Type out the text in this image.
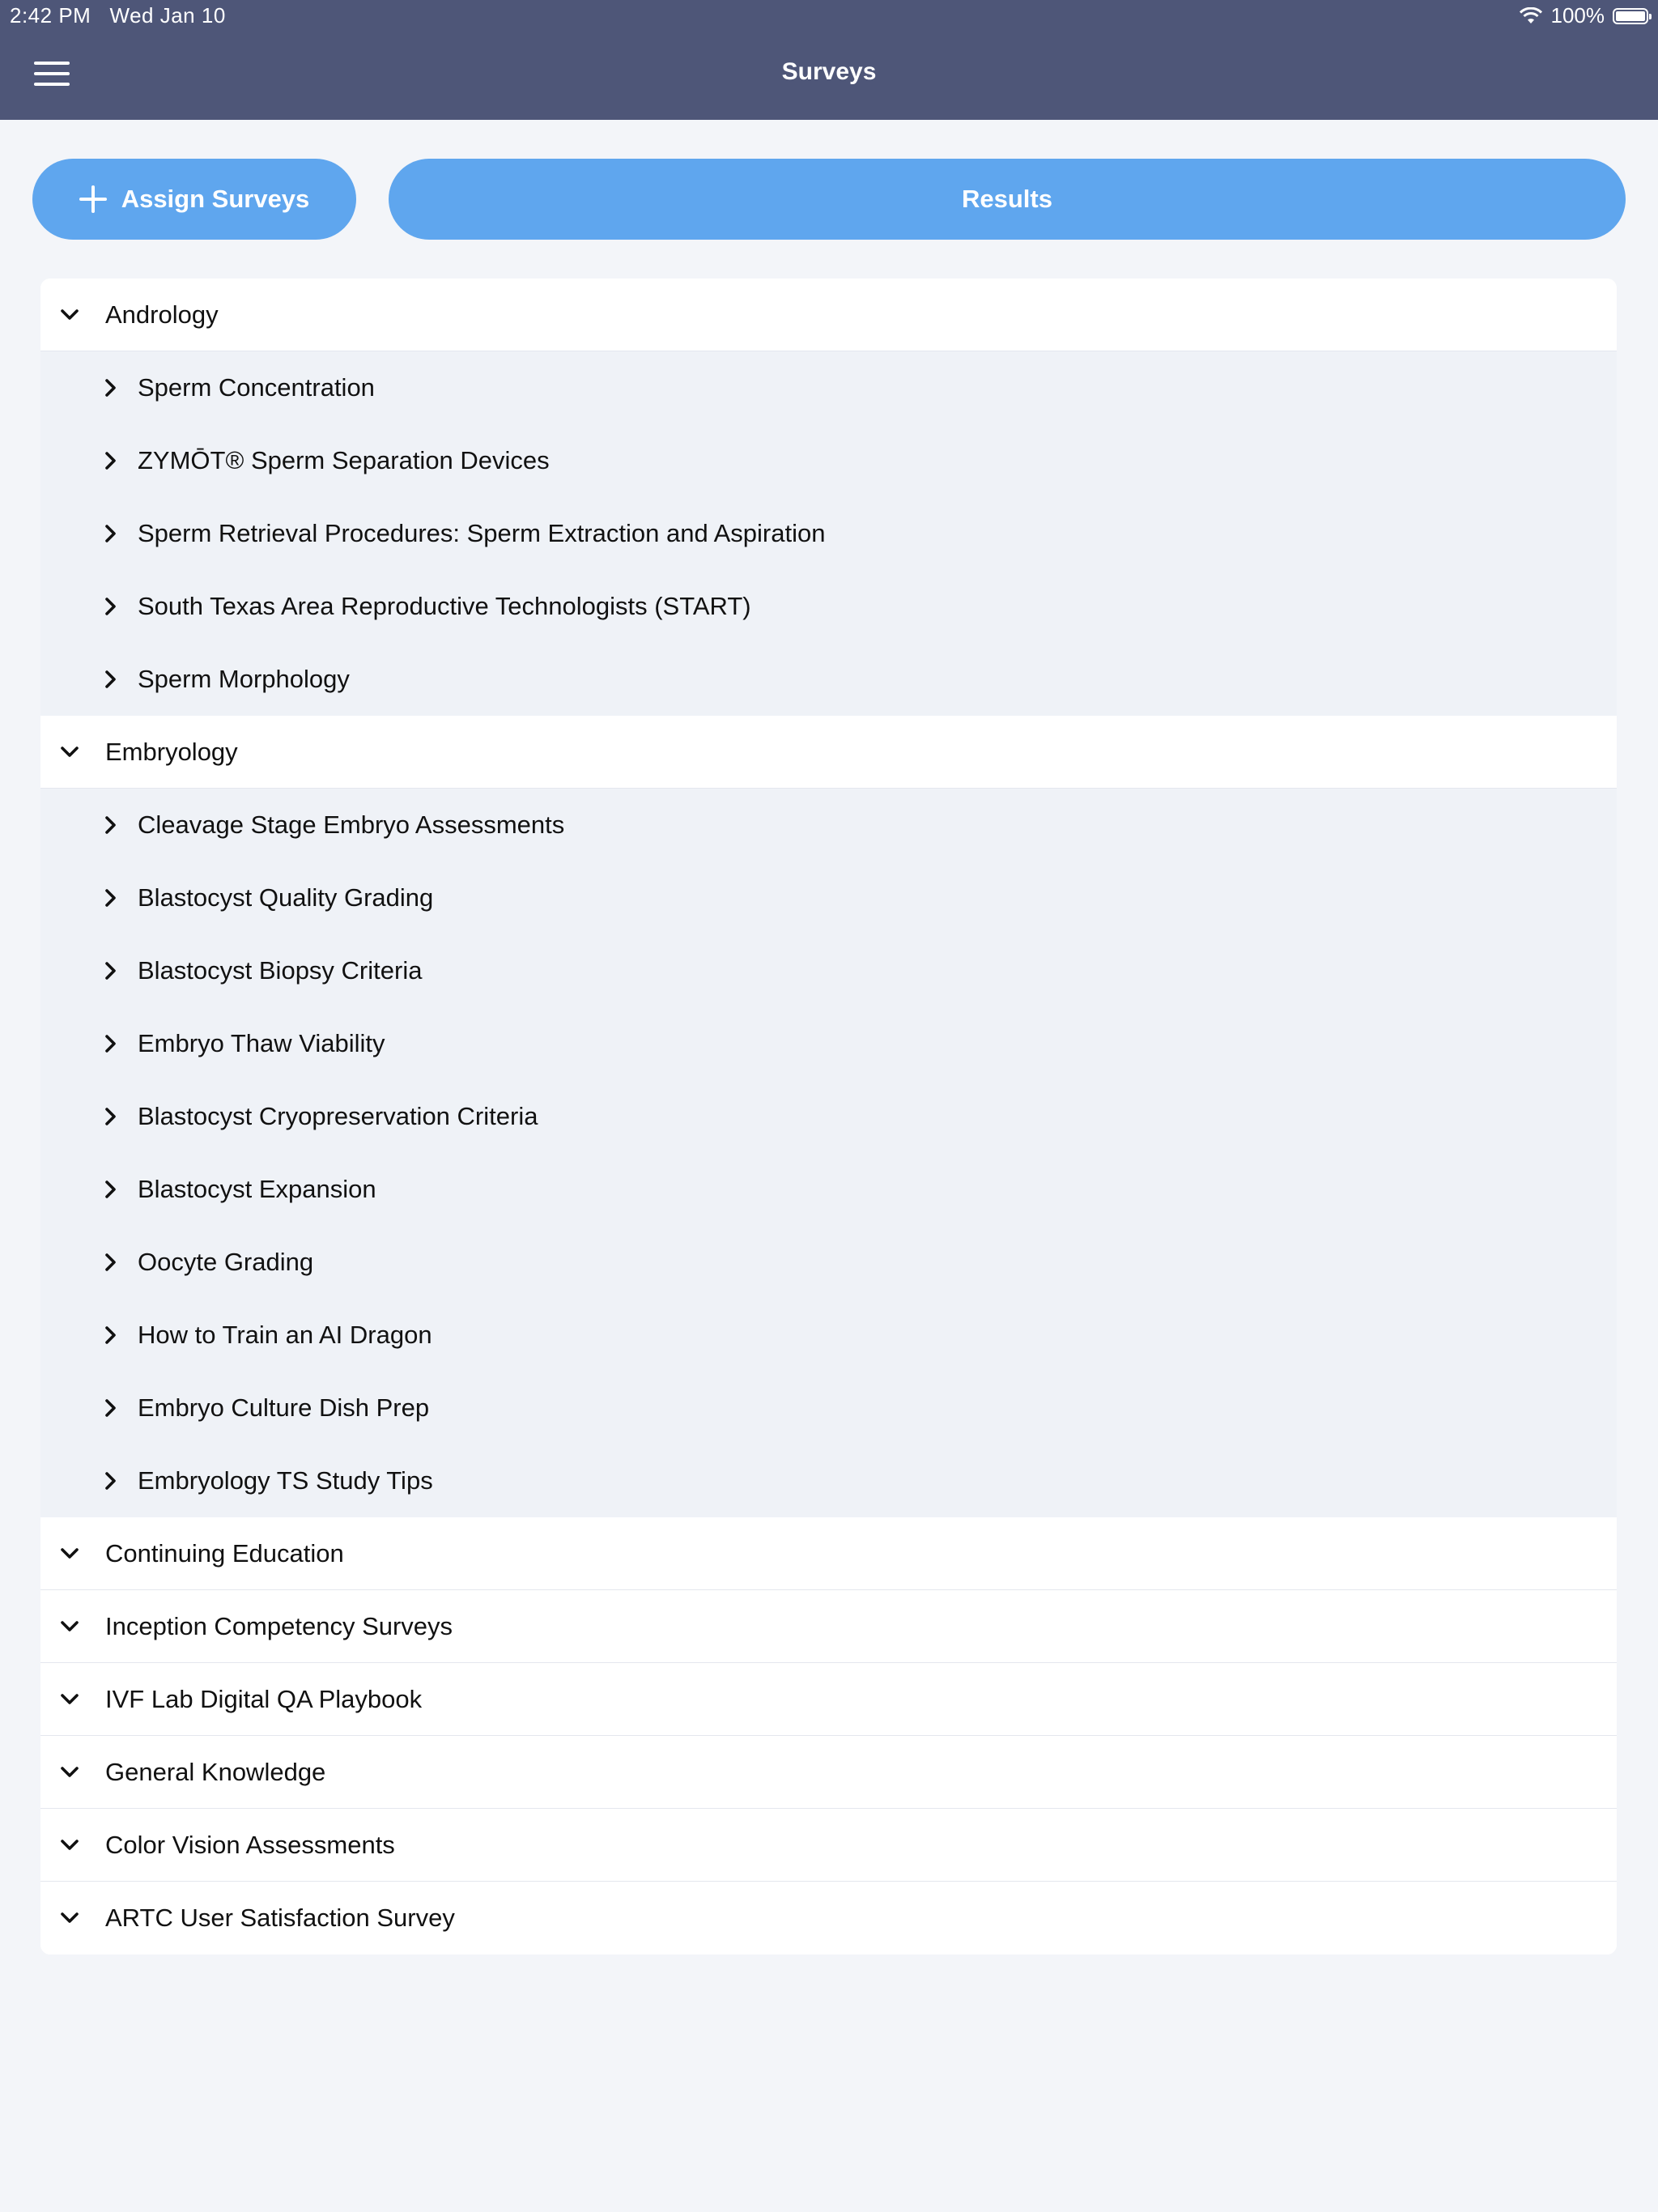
2:42 PM   Wed Jan 10	100%
Surveys
Assign Surveys	Results
Andrology
Sperm Concentration
ZYMŌT® Sperm Separation Devices
Sperm Retrieval Procedures: Sperm Extraction and Aspiration
South Texas Area Reproductive Technologists (START)
Sperm Morphology
Embryology
Cleavage Stage Embryo Assessments
Blastocyst Quality Grading
Blastocyst Biopsy Criteria
Embryo Thaw Viability
Blastocyst Cryopreservation Criteria
Blastocyst Expansion
Oocyte Grading
How to Train an AI Dragon
Embryo Culture Dish Prep
Embryology TS Study Tips
Continuing Education
Inception Competency Surveys
IVF Lab Digital QA Playbook
General Knowledge
Color Vision Assessments
ARTC User Satisfaction Survey
